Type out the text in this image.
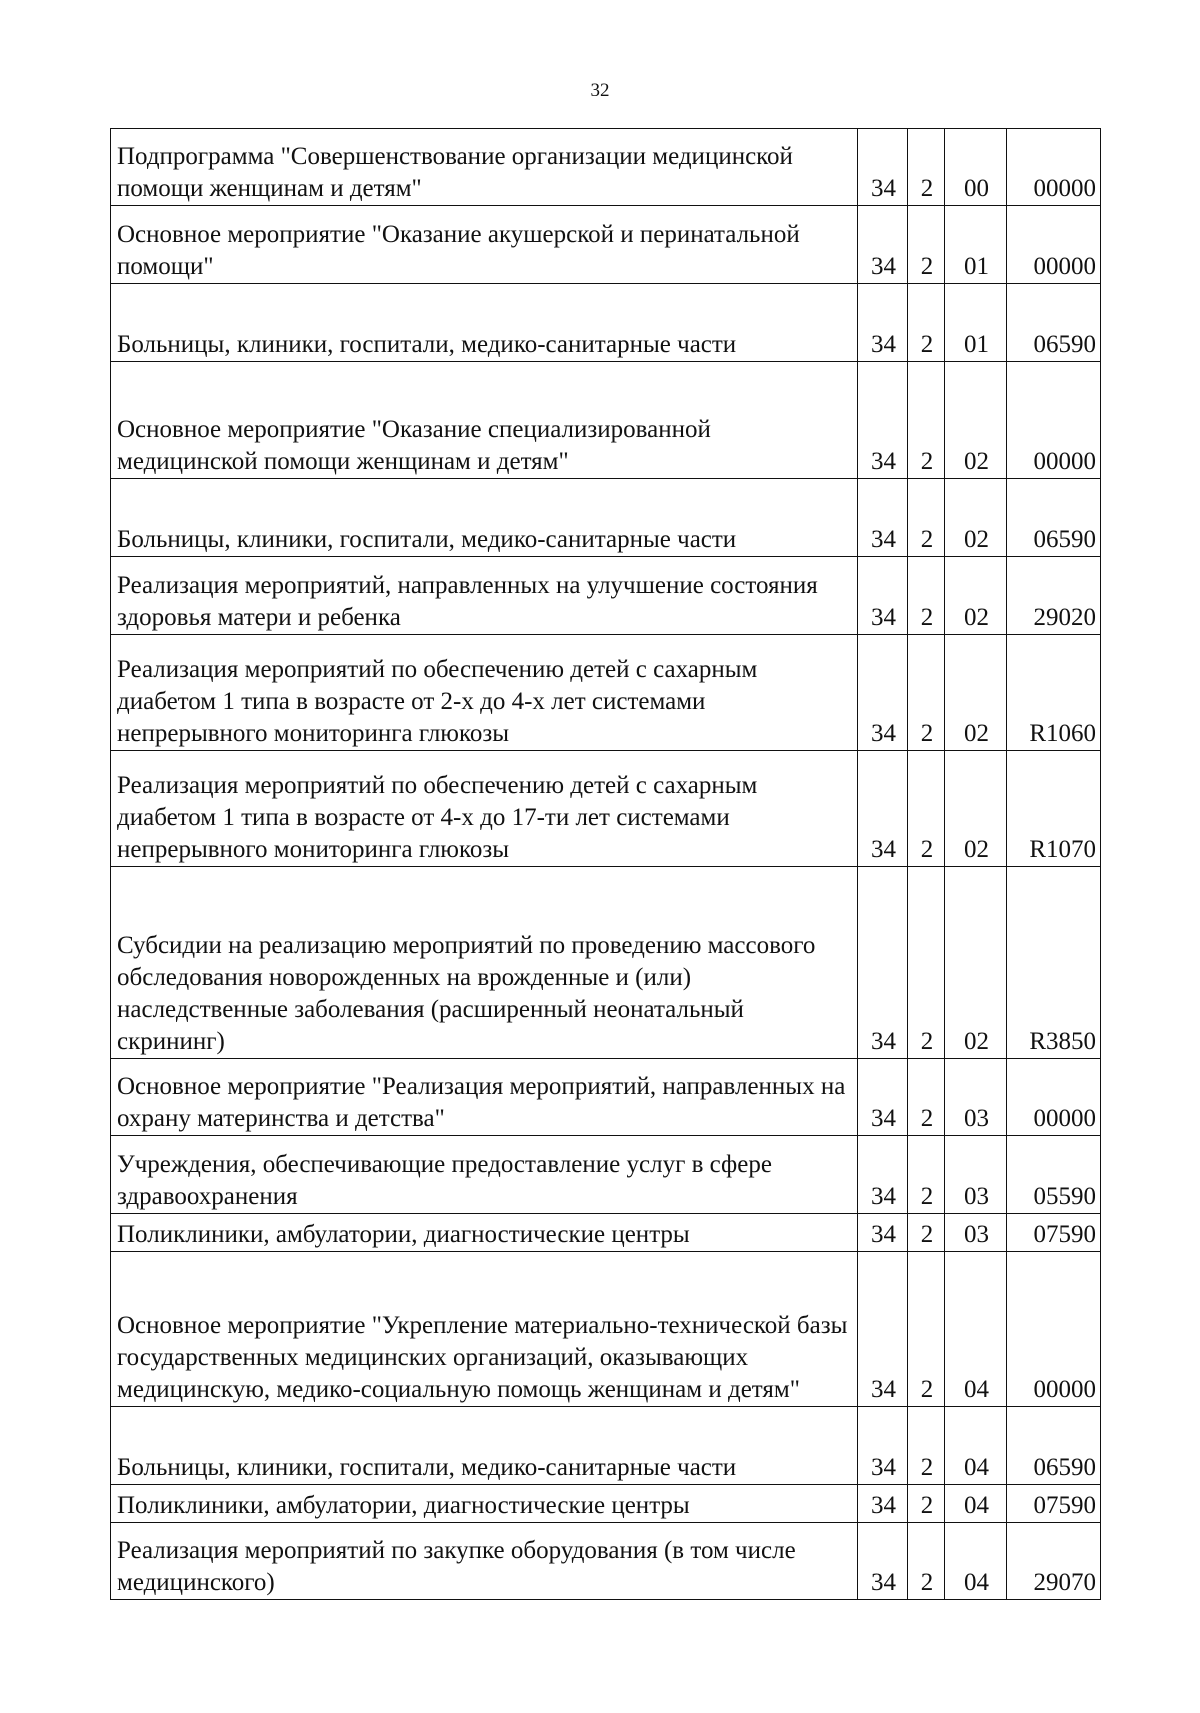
32
Подпрограмма "Совершенствование организации медицинской помощи женщинам и детям"	34	2	00	00000
Основное мероприятие "Оказание акушерской и перинатальной помощи"	34	2	01	00000
Больницы, клиники, госпитали, медико-санитарные части	34	2	01	06590
Основное мероприятие "Оказание специализированной медицинской помощи женщинам и детям"	34	2	02	00000
Больницы, клиники, госпитали, медико-санитарные части	34	2	02	06590
Реализация мероприятий, направленных на улучшение состояния здоровья матери и ребенка	34	2	02	29020
Реализация мероприятий по обеспечению детей с сахарным диабетом 1 типа в возрасте от 2-х до 4-х лет системами непрерывного мониторинга глюкозы	34	2	02	R1060
Реализация мероприятий по обеспечению детей с сахарным диабетом 1 типа в возрасте от 4-х до 17-ти лет системами непрерывного мониторинга глюкозы	34	2	02	R1070
Субсидии на реализацию мероприятий по проведению массового обследования новорожденных на врожденные и (или) наследственные заболевания (расширенный неонатальный скрининг)	34	2	02	R3850
Основное мероприятие "Реализация мероприятий, направленных на охрану материнства и детства"	34	2	03	00000
Учреждения, обеспечивающие предоставление услуг в сфере здравоохранения	34	2	03	05590
Поликлиники, амбулатории, диагностические центры	34	2	03	07590
Основное мероприятие "Укрепление материально-технической базы государственных медицинских организаций, оказывающих медицинскую, медико-социальную помощь женщинам и детям"	34	2	04	00000
Больницы, клиники, госпитали, медико-санитарные части	34	2	04	06590
Поликлиники, амбулатории, диагностические центры	34	2	04	07590
Реализация мероприятий по закупке оборудования (в том числе медицинского)	34	2	04	29070
